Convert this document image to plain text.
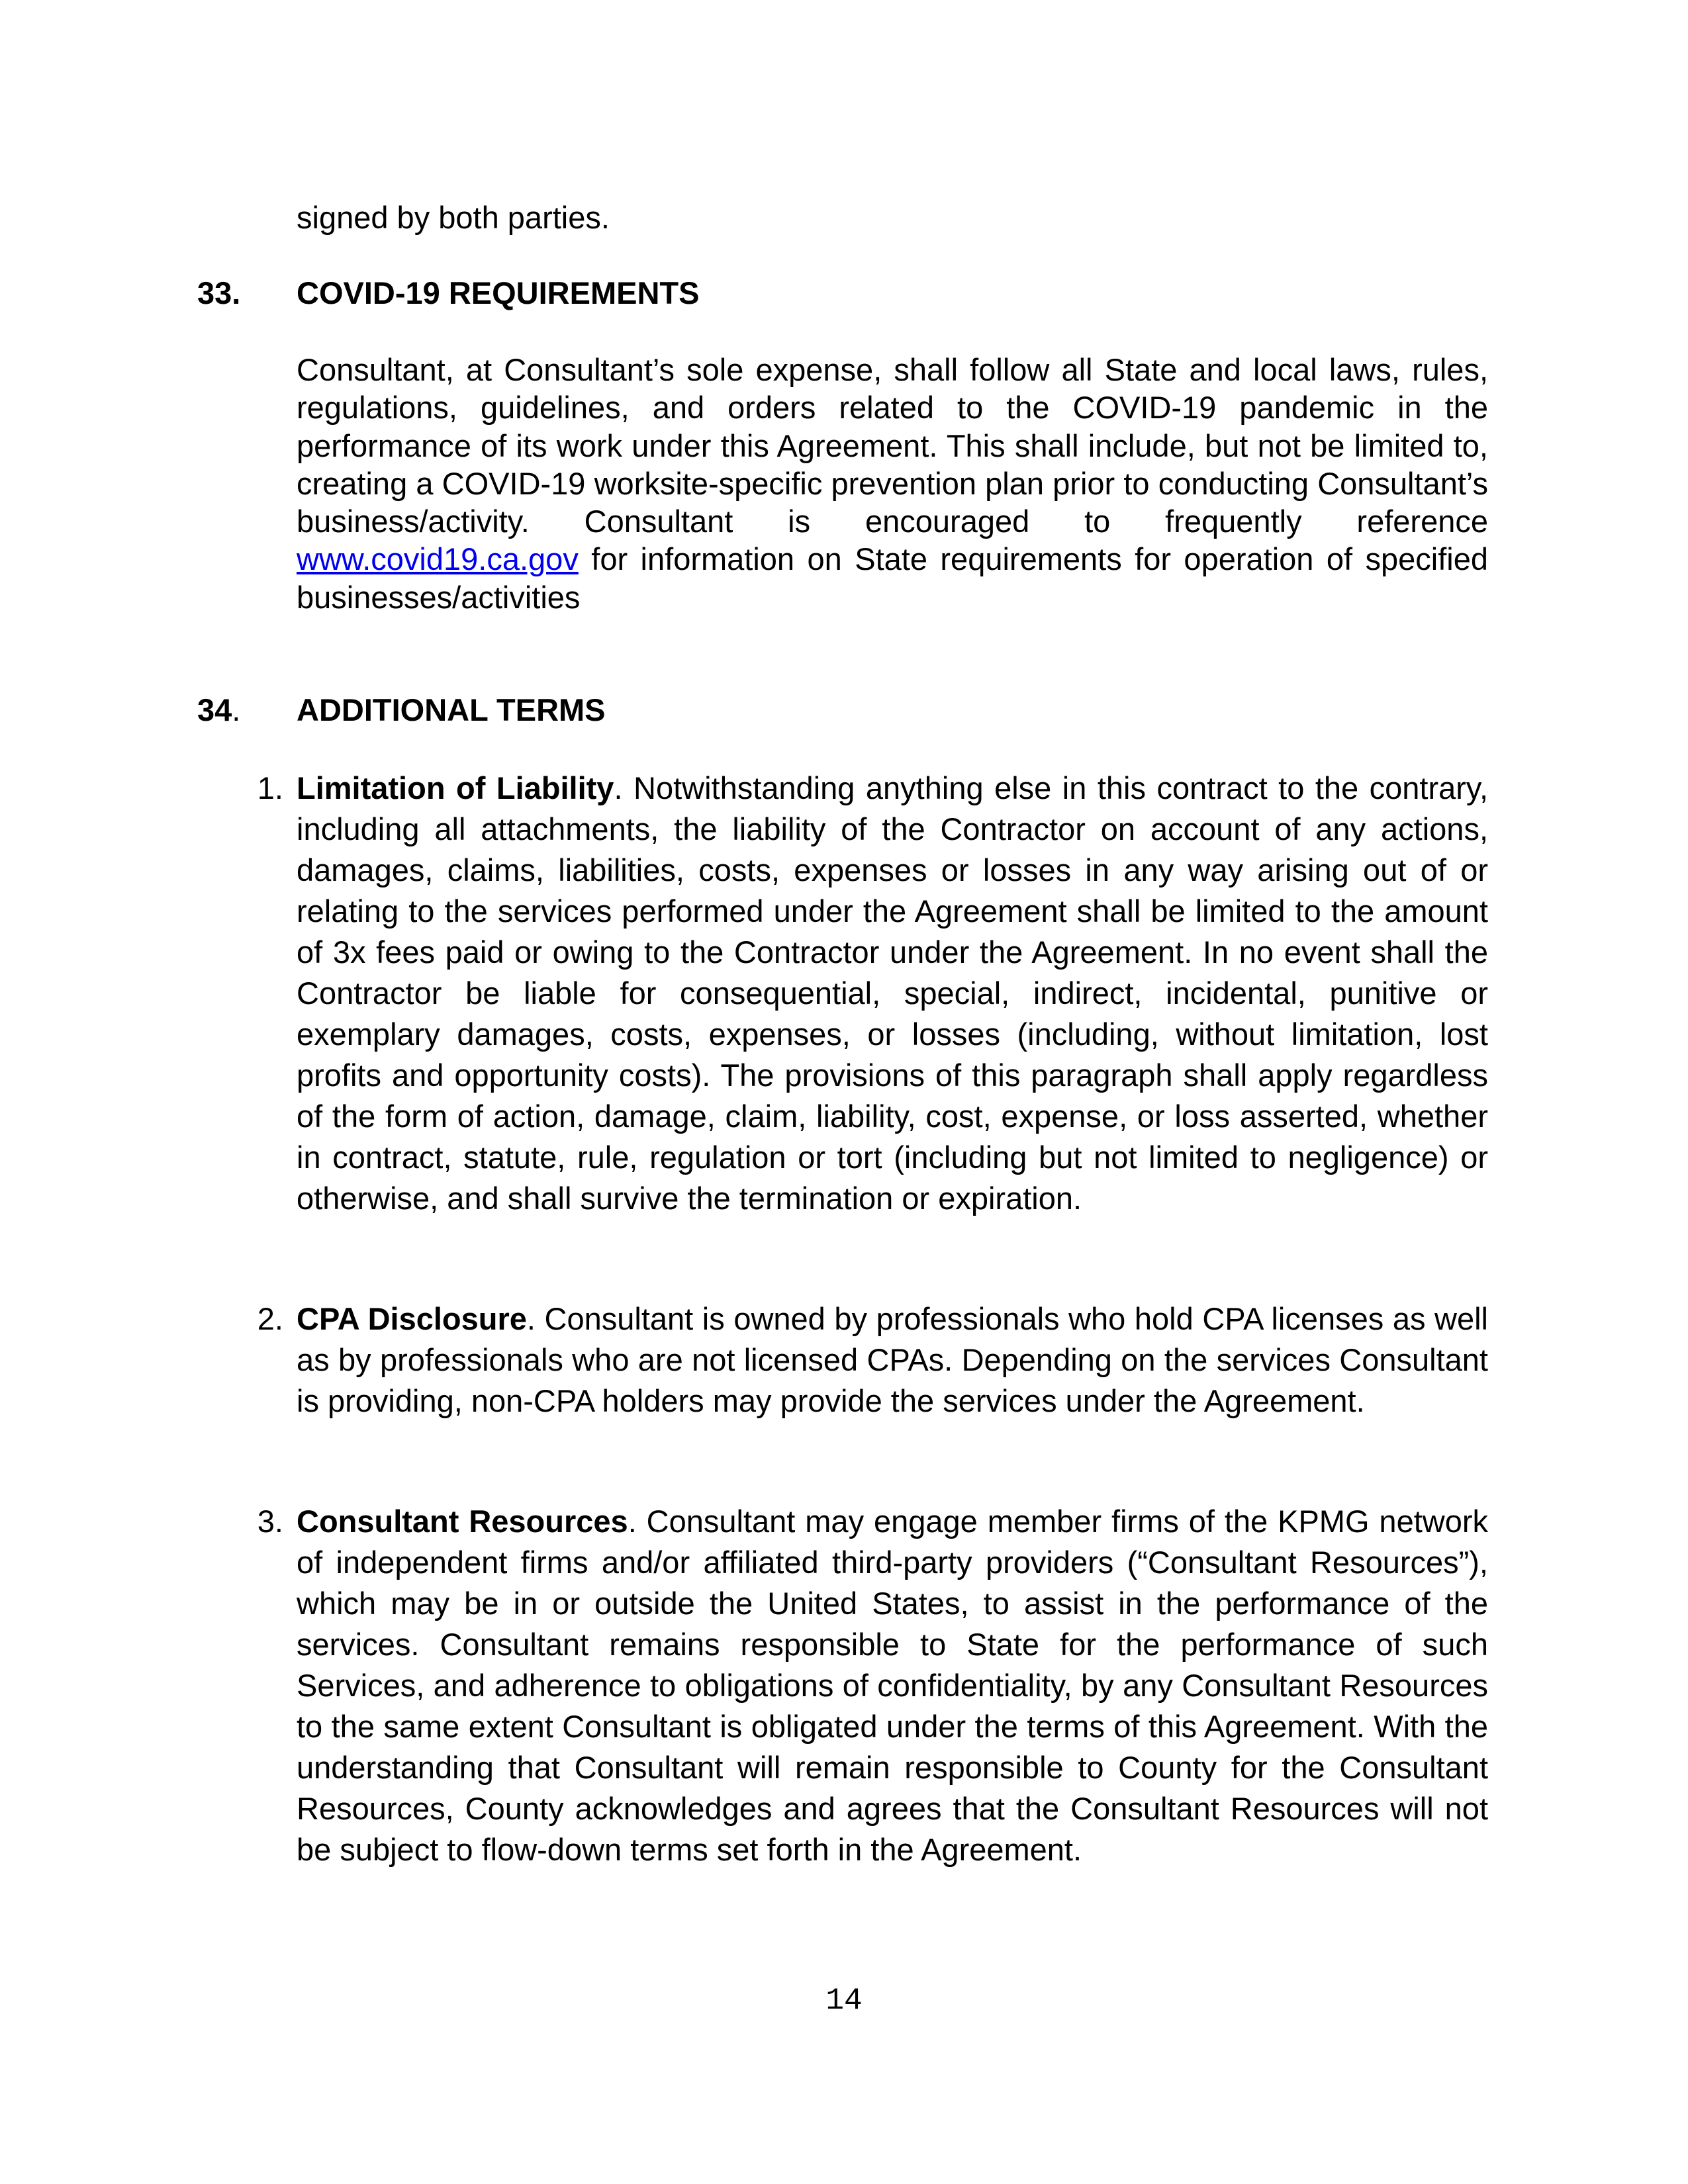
signed by both parties.
33. COVID-19 REQUIREMENTS
Consultant, at Consultant’s sole expense, shall follow all State and local laws, rules, regulations, guidelines, and orders related to the COVID-19 pandemic in the performance of its work under this Agreement. This shall include, but not be limited to, creating a COVID-19 worksite-specific prevention plan prior to conducting Consultant’s business/activity. Consultant is encouraged to frequently reference www.covid19.ca.gov for information on State requirements for operation of specified businesses/activities
34. ADDITIONAL TERMS
1. Limitation of Liability. Notwithstanding anything else in this contract to the contrary, including all attachments, the liability of the Contractor on account of any actions, damages, claims, liabilities, costs, expenses or losses in any way arising out of or relating to the services performed under the Agreement shall be limited to the amount of 3x fees paid or owing to the Contractor under the Agreement. In no event shall the Contractor be liable for consequential, special, indirect, incidental, punitive or exemplary damages, costs, expenses, or losses (including, without limitation, lost profits and opportunity costs). The provisions of this paragraph shall apply regardless of the form of action, damage, claim, liability, cost, expense, or loss asserted, whether in contract, statute, rule, regulation or tort (including but not limited to negligence) or otherwise, and shall survive the termination or expiration.
2. CPA Disclosure. Consultant is owned by professionals who hold CPA licenses as well as by professionals who are not licensed CPAs. Depending on the services Consultant is providing, non-CPA holders may provide the services under the Agreement.
3. Consultant Resources. Consultant may engage member firms of the KPMG network of independent firms and/or affiliated third-party providers (“Consultant Resources”), which may be in or outside the United States, to assist in the performance of the services. Consultant remains responsible to State for the performance of such Services, and adherence to obligations of confidentiality, by any Consultant Resources to the same extent Consultant is obligated under the terms of this Agreement. With the understanding that Consultant will remain responsible to County for the Consultant Resources, County acknowledges and agrees that the Consultant Resources will not be subject to flow-down terms set forth in the Agreement.
14
